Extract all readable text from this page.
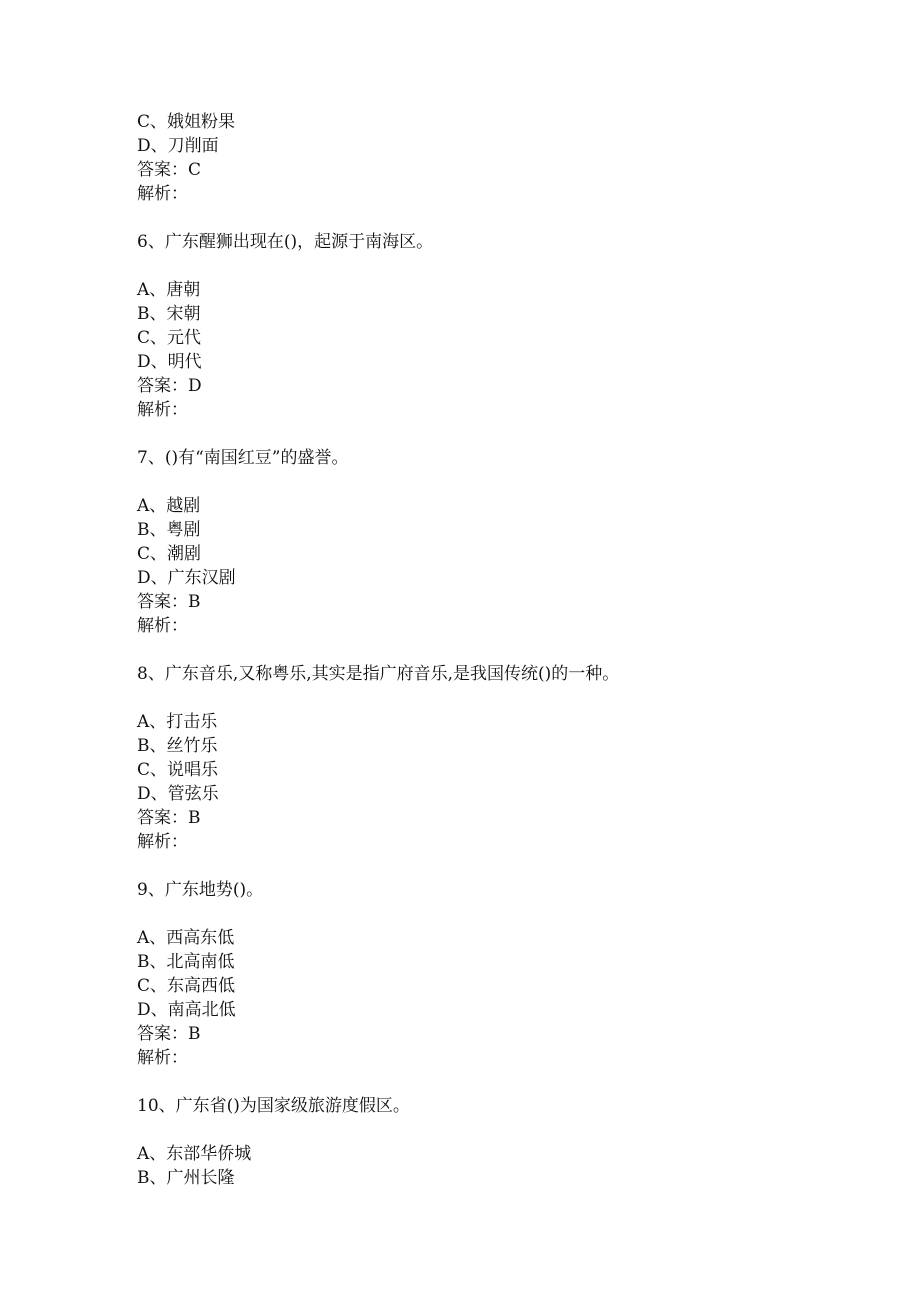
C、娥姐粉果
D、刀削面
答案：C
解析：
6、广东醒狮出现在()，起源于南海区。
A、唐朝
B、宋朝
C、元代
D、明代
答案：D
解析：
7、()有“南国红豆”的盛誉。
A、越剧
B、粤剧
C、潮剧
D、广东汉剧
答案：B
解析：
8、广东音乐,又称粤乐,其实是指广府音乐,是我国传统()的一种。
A、打击乐
B、丝竹乐
C、说唱乐
D、管弦乐
答案：B
解析：
9、广东地势()。
A、西高东低
B、北高南低
C、东高西低
D、南高北低
答案：B
解析：
10、广东省()为国家级旅游度假区。
A、东部华侨城
B、广州长隆
